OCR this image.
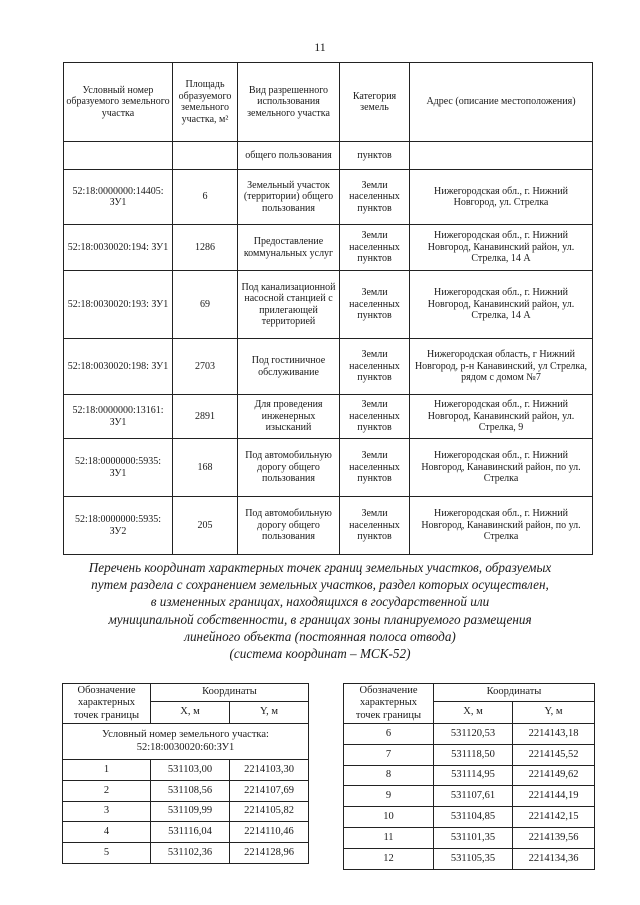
11
Условный номер образуемого земельного участка	Площадь образуемого земельного участка, м²	Вид разрешенного использования земельного участка	Категория земель	Адрес (описание местоположения)
		общего пользования	пунктов	
52:18:0000000:14405: ЗУ1	6	Земельный участок (территории) общего пользования	Земли населенных пунктов	Нижегородская обл., г. Нижний Новгород, ул. Стрелка
52:18:0030020:194: ЗУ1	1286	Предоставление коммунальных услуг	Земли населенных пунктов	Нижегородская обл., г. Нижний Новгород, Канавинский район, ул. Стрелка, 14 А
52:18:0030020:193: ЗУ1	69	Под канализационной насосной станцией с прилегающей территорией	Земли населенных пунктов	Нижегородская обл., г. Нижний Новгород, Канавинский район, ул. Стрелка, 14 А
52:18:0030020:198: ЗУ1	2703	Под гостиничное обслуживание	Земли населенных пунктов	Нижегородская область, г Нижний Новгород, р-н Канавинский, ул Стрелка, рядом с домом №7
52:18:0000000:13161: ЗУ1	2891	Для проведения инженерных изысканий	Земли населенных пунктов	Нижегородская обл., г. Нижний Новгород, Канавинский район, ул. Стрелка, 9
52:18:0000000:5935: ЗУ1	168	Под автомобильную дорогу общего пользования	Земли населенных пунктов	Нижегородская обл., г. Нижний Новгород, Канавинский район, по ул. Стрелка
52:18:0000000:5935: ЗУ2	205	Под автомобильную дорогу общего пользования	Земли населенных пунктов	Нижегородская обл., г. Нижний Новгород, Канавинский район, по ул. Стрелка
Перечень координат характерных точек границ земельных участков, образуемых
путем раздела с сохранением земельных участков, раздел которых осуществлен,
в измененных границах, находящихся в государственной или
муниципальной собственности, в границах зоны планируемого размещения
линейного объекта (постоянная полоса отвода)
(система координат – МСК-52)
Обозначение характерных точек границы	Координаты	
	X, м	Y, м
Условный номер земельного участка: 52:18:0030020:60:ЗУ1		
1	531103,00	2214103,30
2	531108,56	2214107,69
3	531109,99	2214105,82
4	531116,04	2214110,46
5	531102,36	2214128,96
Обозначение характерных точек границы	Координаты	
	X, м	Y, м
6	531120,53	2214143,18
7	531118,50	2214145,52
8	531114,95	2214149,62
9	531107,61	2214144,19
10	531104,85	2214142,15
11	531101,35	2214139,56
12	531105,35	2214134,36
